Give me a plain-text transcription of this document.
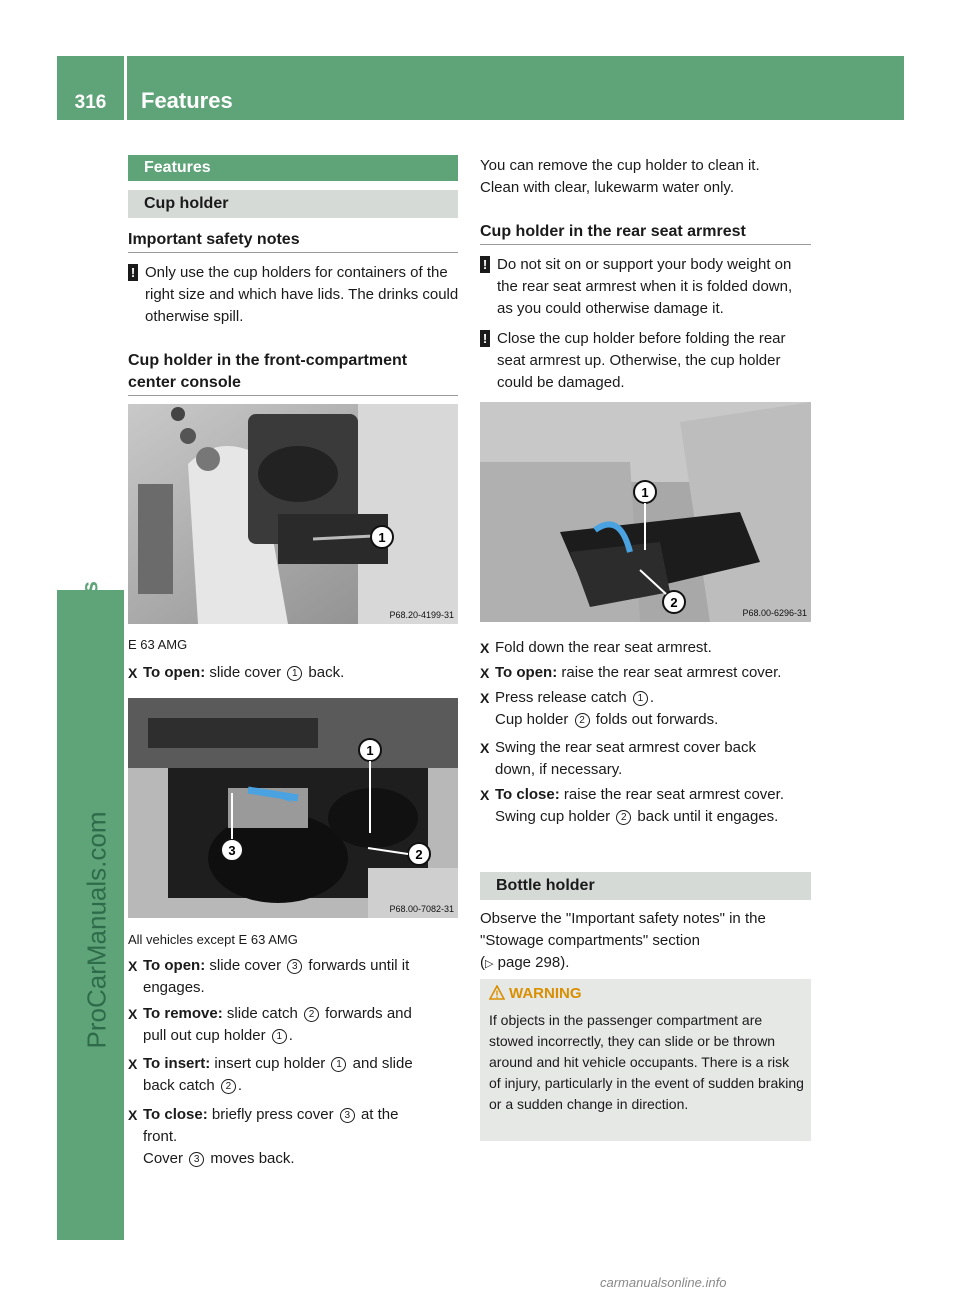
316	Features
Stowage and features
ProCarManuals.com
Features
Cup holder
Important safety notes
! Only use the cup holders for containers of the right size and which have lids. The drinks could otherwise spill.
Cup holder in the front-compartment
center console
1
P68.20-4199-31
E 63 AMG
X To open: slide cover 1 back.
1
2
3
P68.00-7082-31
All vehicles except E 63 AMG
X To open: slide cover 3 forwards until it
engages.
X To remove: slide catch 2 forwards and
pull out cup holder 1 .
X To insert: insert cup holder 1 and slide
back catch 2 .
X To close: briefly press cover 3 at the
front.
Cover 3 moves back.
You can remove the cup holder to clean it.
Clean with clear, lukewarm water only.
Cup holder in the rear seat armrest
! Do not sit on or support your body weight on the rear seat armrest when it is folded down, as you could otherwise damage it.
! Close the cup holder before folding the rear seat armrest up. Otherwise, the cup holder could be damaged.
1
2
P68.00-6296-31
X Fold down the rear seat armrest.
X To open: raise the rear seat armrest cover.
X Press release catch 1 .
Cup holder 2 folds out forwards.
X Swing the rear seat armrest cover back
down, if necessary.
X To close: raise the rear seat armrest cover.
Swing cup holder 2 back until it engages.
Bottle holder
Observe the "Important safety notes" in the
"Stowage compartments" section
(▷ page 298).
WARNING
If objects in the passenger compartment are stowed incorrectly, they can slide or be thrown around and hit vehicle occupants. There is a risk of injury, particularly in the event of sudden braking or a sudden change in direction.
carmanualsonline.info
